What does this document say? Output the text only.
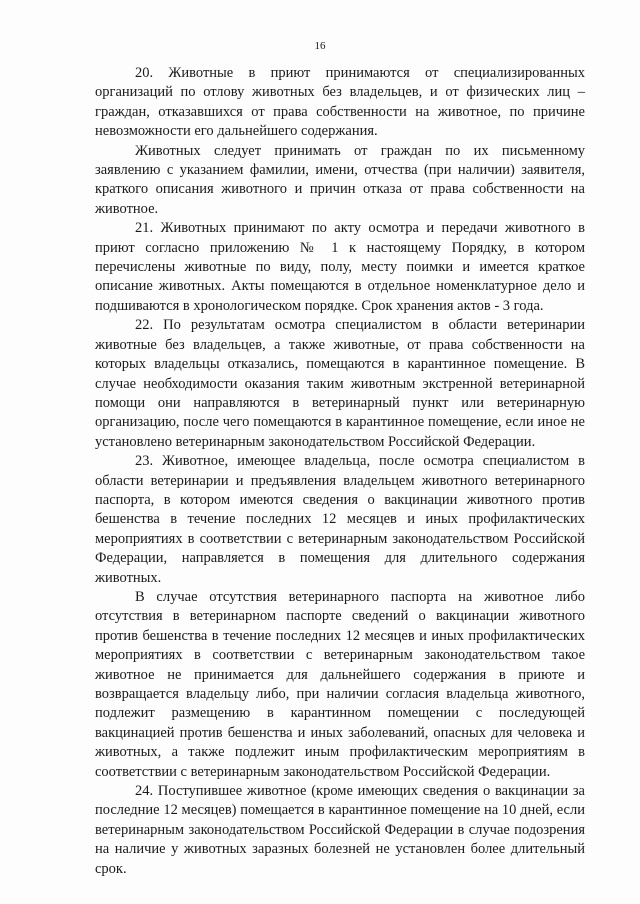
16

20. Животные в приют принимаются от специализированных организаций по отлову животных без владельцев, и от физических лиц – граждан, отказавшихся от права собственности на животное, по причине невозможности его дальнейшего содержания.

Животных следует принимать от граждан по их письменному заявлению с указанием фамилии, имени, отчества (при наличии) заявителя, краткого описания животного и причин отказа от права собственности на животное.

21. Животных принимают по акту осмотра и передачи животного в приют согласно приложению № 1 к настоящему Порядку, в котором перечислены животные по виду, полу, месту поимки и имеется краткое описание животных. Акты помещаются в отдельное номенклатурное дело и подшиваются в хронологическом порядке. Срок хранения актов - 3 года.

22. По результатам осмотра специалистом в области ветеринарии животные без владельцев, а также животные, от права собственности на которых владельцы отказались, помещаются в карантинное помещение. В случае необходимости оказания таким животным экстренной ветеринарной помощи они направляются в ветеринарный пункт или ветеринарную организацию, после чего помещаются в карантинное помещение, если иное не установлено ветеринарным законодательством Российской Федерации.

23. Животное, имеющее владельца, после осмотра специалистом в области ветеринарии и предъявления владельцем животного ветеринарного паспорта, в котором имеются сведения о вакцинации животного против бешенства в течение последних 12 месяцев и иных профилактических мероприятиях в соответствии с ветеринарным законодательством Российской Федерации, направляется в помещения для длительного содержания животных.

В случае отсутствия ветеринарного паспорта на животное либо отсутствия в ветеринарном паспорте сведений о вакцинации животного против бешенства в течение последних 12 месяцев и иных профилактических мероприятиях в соответствии с ветеринарным законодательством такое животное не принимается для дальнейшего содержания в приюте и возвращается владельцу либо, при наличии согласия владельца животного, подлежит размещению в карантинном помещении с последующей вакцинацией против бешенства и иных заболеваний, опасных для человека и животных, а также подлежит иным профилактическим мероприятиям в соответствии с ветеринарным законодательством Российской Федерации.

24. Поступившее животное (кроме имеющих сведения о вакцинации за последние 12 месяцев) помещается в карантинное помещение на 10 дней, если ветеринарным законодательством Российской Федерации в случае подозрения на наличие у животных заразных болезней не установлен более длительный срок.
